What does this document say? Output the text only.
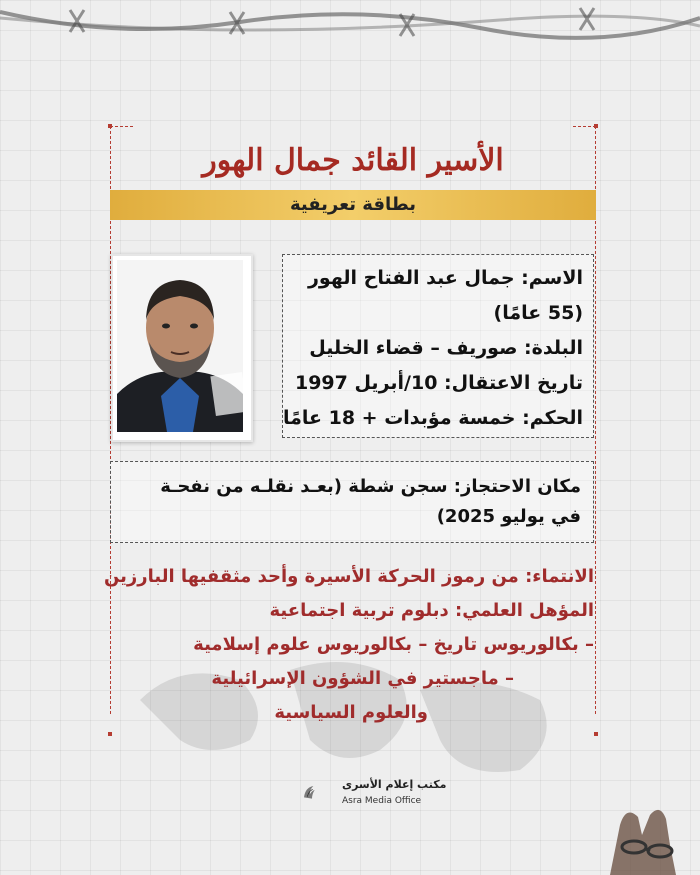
الأسير القائد جمال الهور
بطاقة تعريفية
الاسم: جمال عبد الفتاح الهور
(55 عامًا)
البلدة: صوريف – قضاء الخليل
تاريخ الاعتقال: 10/أبريل 1997
الحكم: خمسة مؤبدات + 18 عامًا
مكان الاحتجاز: سجن شطة (بعـد نقلـه من نفحـة
في يوليو 2025)
الانتماء: من رموز الحركة الأسيرة وأحد مثقفيها البارزين
المؤهل العلمي: دبلوم تربية اجتماعية
– بكالوريوس تاريخ – بكالوريوس علوم إسلامية
– ماجستير في الشؤون الإسرائيلية
والعلوم السياسية
مكتب إعلام الأسرى
Asra Media Office
